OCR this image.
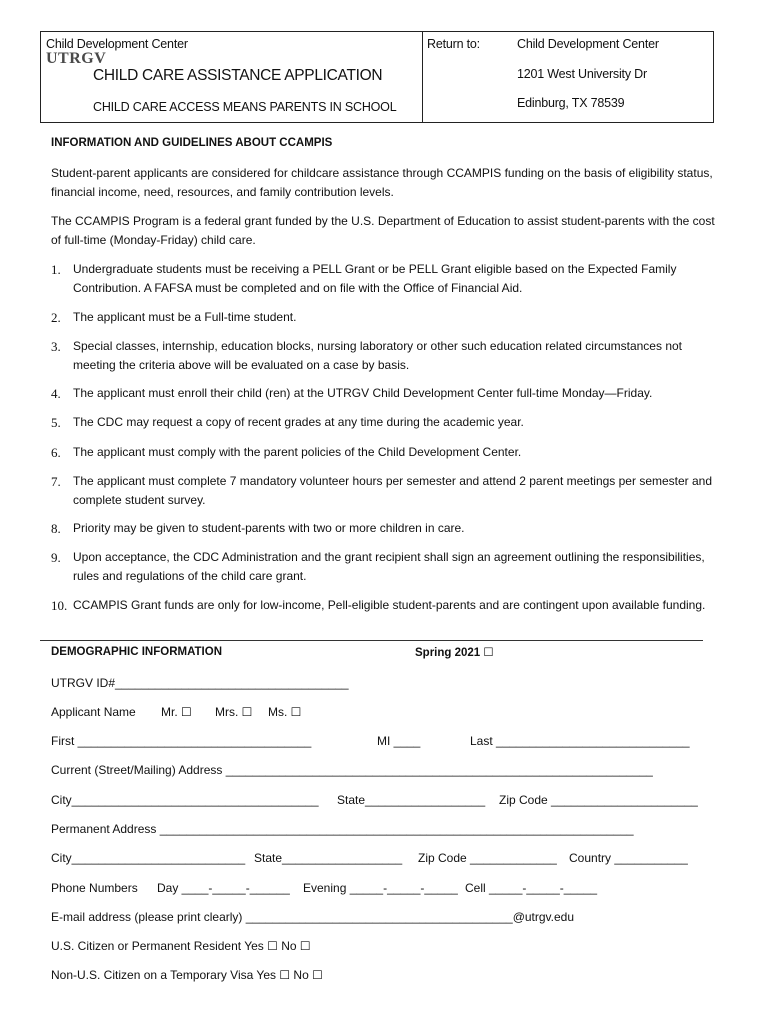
Child Development Center
UTRGV
CHILD CARE ASSISTANCE APPLICATION
CHILD CARE ACCESS MEANS PARENTS IN SCHOOL
Return to:	Child Development Center
1201 West University Dr
Edinburg, TX 78539
INFORMATION AND GUIDELINES ABOUT CCAMPIS
Student-parent applicants are considered for childcare assistance through CCAMPIS funding on the basis of eligibility status, financial income, need, resources, and family contribution levels.
The CCAMPIS Program is a federal grant funded by the U.S. Department of Education to assist student-parents with the cost of full-time (Monday-Friday) child care.
1.	Undergraduate students must be receiving a PELL Grant or be PELL Grant eligible based on the Expected Family Contribution. A FAFSA must be completed and on file with the Office of Financial Aid.
2.	The applicant must be a Full-time student.
3.	Special classes, internship, education blocks, nursing laboratory or other such education related circumstances not meeting the criteria above will be evaluated on a case by basis.
4.	The applicant must enroll their child (ren) at the UTRGV Child Development Center full-time Monday—Friday.
5.	The CDC may request a copy of recent grades at any time during the academic year.
6.	The applicant must comply with the parent policies of the Child Development Center.
7.	The applicant must complete 7 mandatory volunteer hours per semester and attend 2 parent meetings per semester and complete student survey.
8.	Priority may be given to student-parents with two or more children in care.
9.	Upon acceptance, the CDC Administration and the grant recipient shall sign an agreement outlining the responsibilities, rules and regulations of the child care grant.
10. CCAMPIS Grant funds are only for low-income, Pell-eligible student-parents and are contingent upon available funding.
DEMOGRAPHIC INFORMATION	Spring 2021 ☐
UTRGV ID#___________________________________
Applicant Name Mr. ☐ Mrs. ☐ Ms. ☐
First ___________________________________	MI ____	Last _____________________________
Current (Street/Mailing) Address ________________________________________________________________
City_____________________________________ State__________________ Zip Code ______________________
Permanent Address _______________________________________________________________________
City__________________________ State__________________ Zip Code _____________ Country ___________
Phone Numbers Day ____-_____-______ Evening _____-_____-_____ Cell _____-_____-_____
E-mail address (please print clearly) ________________________________________@utrgv.edu
U.S. Citizen or Permanent Resident Yes ☐ No ☐
Non-U.S. Citizen on a Temporary Visa Yes ☐ No ☐
